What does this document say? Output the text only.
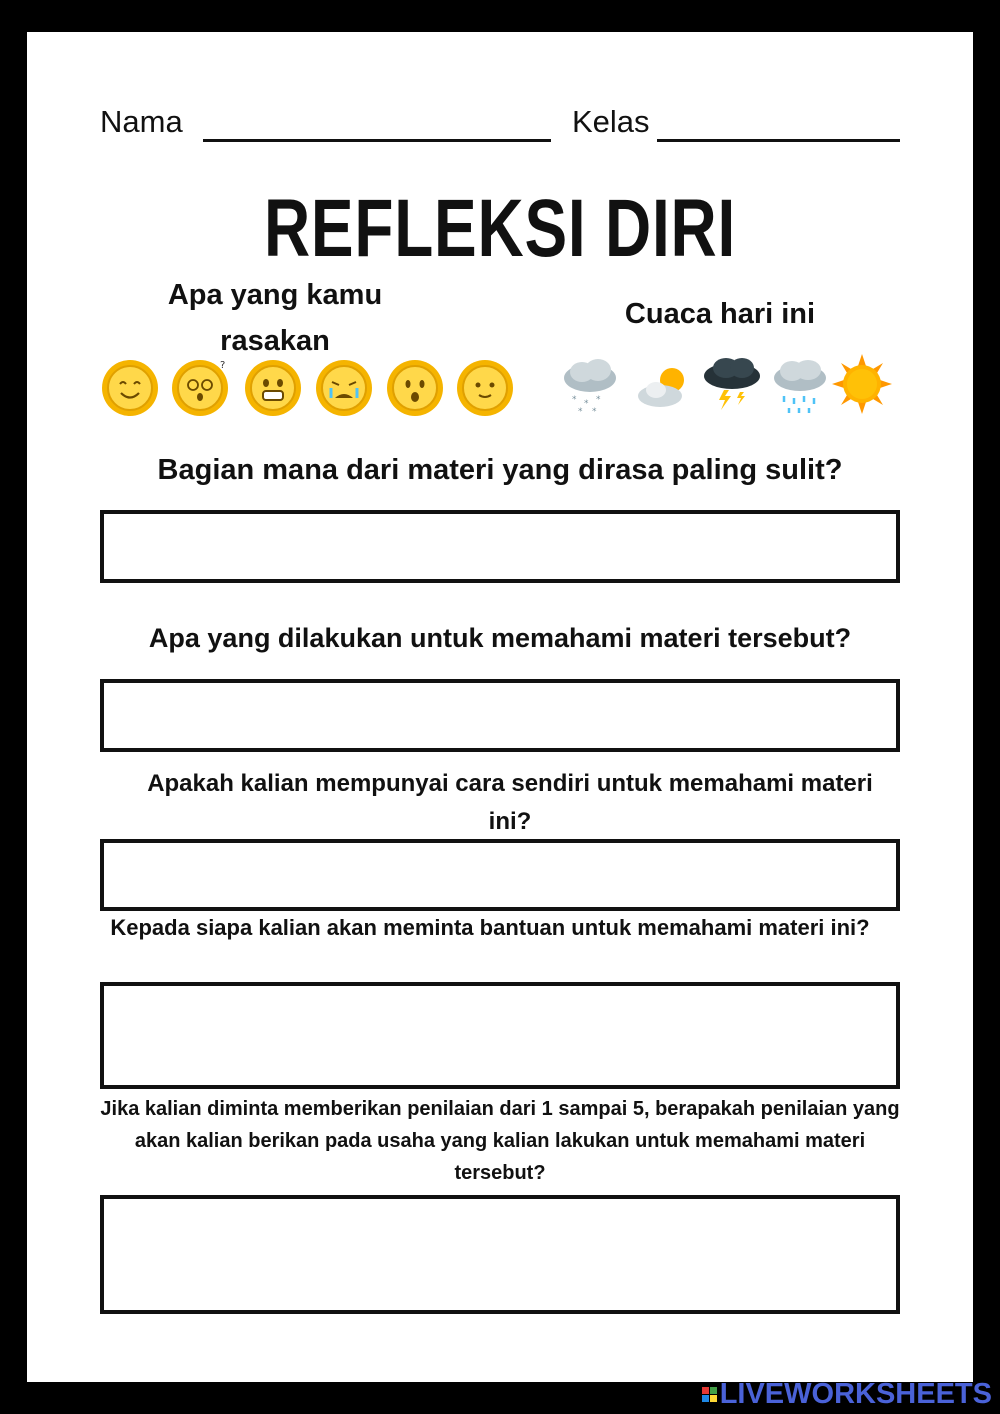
Nama	Kelas
REFLEKSI DIRI
Apa yang kamu rasakan
Cuaca hari ini
?
* * *
* *
Bagian mana dari materi yang dirasa paling sulit?
Apa yang dilakukan untuk memahami materi tersebut?
Apakah kalian mempunyai cara sendiri untuk memahami materi ini?
Kepada siapa kalian akan meminta bantuan untuk memahami materi ini?
Jika kalian diminta memberikan penilaian dari 1 sampai 5, berapakah penilaian yang akan kalian berikan pada usaha yang kalian lakukan untuk memahami materi tersebut?
LIVEWORKSHEETS
